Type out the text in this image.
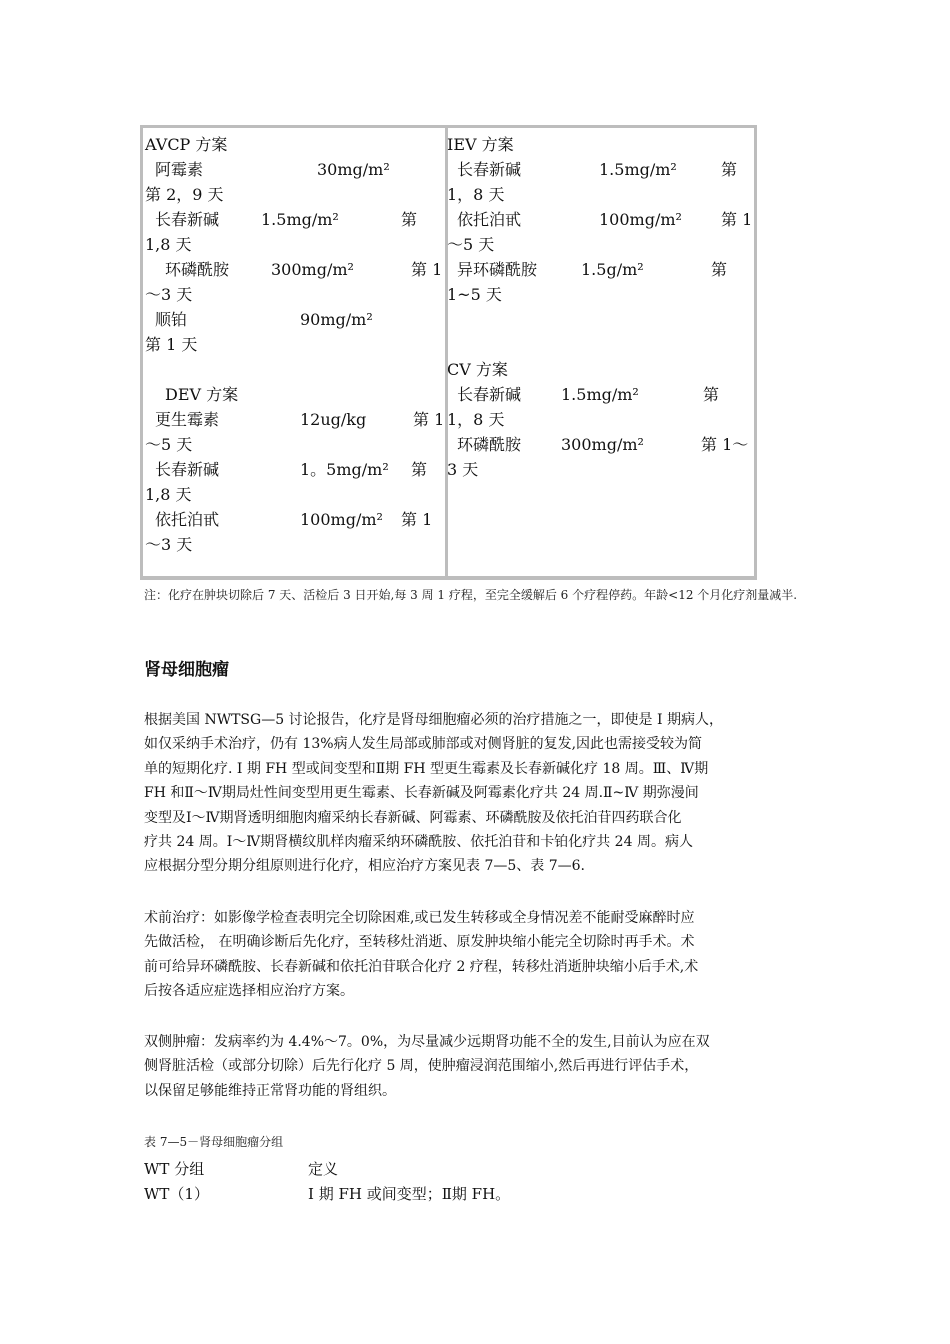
AVCP 方案
阿霉素	30mg/m²
第 2，9 天
长春新碱	1.5mg/m²	第
1,8 天
环磷酰胺	300mg/m²	第 1
～3 天
顺铂	90mg/m²
第 1 天
DEV 方案
更生霉素	12ug/kg	第 1
～5 天
长春新碱	1。5mg/m² 第
1,8 天
依托泊甙	100mg/m² 第 1
～3 天
IEV 方案
长春新碱	1.5mg/m²	第
1，8 天
依托泊甙	100mg/m² 第 1
～5 天
异环磷酰胺	1.5g/m²	第
1~5 天
CV 方案
长春新碱 1.5mg/m²	第
1，8 天
环磷酰胺 300mg/m²	第 1～
3 天
注：化疗在肿块切除后 7 天、活检后 3 日开始,每 3 周 1 疗程，至完全缓解后 6 个疗程停药。年龄<12 个月化疗剂量减半.
肾母细胞瘤

根据美国 NWTSG—5 讨论报告，化疗是肾母细胞瘤必须的治疗措施之一，即使是 I 期病人，
如仅采纳手术治疗，仍有 13%病人发生局部或肺部或对侧肾脏的复发,因此也需接受较为简
单的短期化疗. I 期 FH 型或间变型和Ⅱ期 FH 型更生霉素及长春新碱化疗 18 周。Ⅲ、Ⅳ期
FH 和Ⅱ～Ⅳ期局灶性间变型用更生霉素、长春新碱及阿霉素化疗共 24 周.Ⅱ~Ⅳ 期弥漫间
变型及Ⅰ～Ⅳ期肾透明细胞肉瘤采纳长春新碱、阿霉素、环磷酰胺及依托泊苷四药联合化
疗共 24 周。Ⅰ～Ⅳ期肾横纹肌样肉瘤采纳环磷酰胺、依托泊苷和卡铂化疗共 24 周。病人
应根据分型分期分组原则进行化疗，相应治疗方案见表 7—5、表 7—6.

术前治疗：如影像学检查表明完全切除困难,或已发生转移或全身情况差不能耐受麻醉时应
先做活检， 在明确诊断后先化疗，至转移灶消逝、原发肿块缩小能完全切除时再手术。术
前可给异环磷酰胺、长春新碱和依托泊苷联合化疗 2 疗程，转移灶消逝肿块缩小后手术,术
后按各适应症选择相应治疗方案。

双侧肿瘤：发病率约为 4.4%～7。0%，为尽量减少远期肾功能不全的发生,目前认为应在双
侧肾脏活检（或部分切除）后先行化疗 5 周，使肿瘤浸润范围缩小,然后再进行评估手术，
以保留足够能维持正常肾功能的肾组织。

表 7—5－肾母细胞瘤分组
WT 分组	定义
WT（1）	I 期 FH 或间变型；Ⅱ期 FH。
